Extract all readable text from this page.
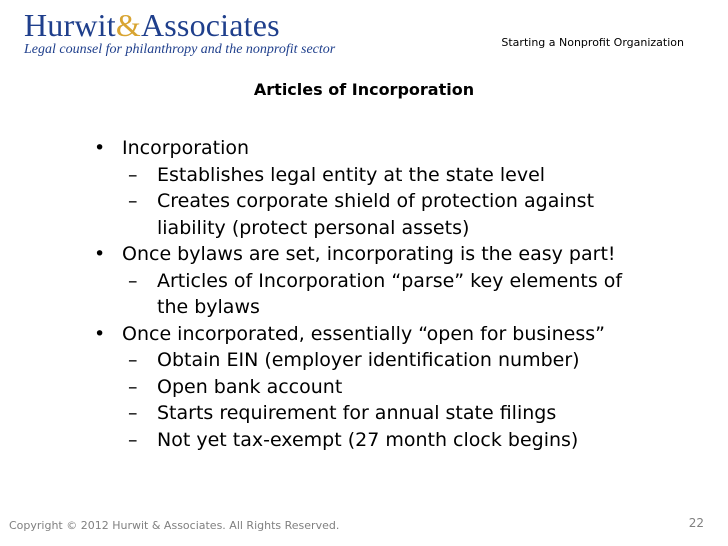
Hurwit&Associates
Legal counsel for philanthropy and the nonprofit sector	Starting a Nonprofit Organization
Articles of Incorporation
• Incorporation
– Establishes legal entity at the state level
– Creates corporate shield of protection against liability (protect personal assets)
• Once bylaws are set, incorporating is the easy part!
– Articles of Incorporation “parse” key elements of the bylaws
• Once incorporated, essentially “open for business”
– Obtain EIN (employer identification number)
– Open bank account
– Starts requirement for annual state filings
– Not yet tax-exempt (27 month clock begins)
Copyright © 2012 Hurwit & Associates. All Rights Reserved.	22
